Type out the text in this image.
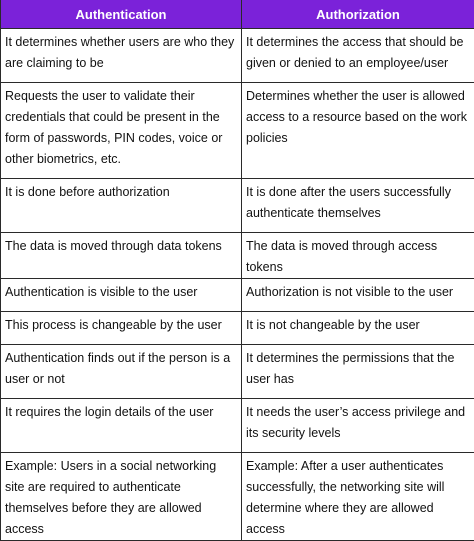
Authentication	Authorization
It determines whether users are who they are claiming to be	It determines the access that should be given or denied to an employee/user
Requests the user to validate their credentials that could be present in the form of passwords, PIN codes, voice or other biometrics, etc.	Determines whether the user is allowed access to a resource based on the work policies
It is done before authorization	It is done after the users successfully authenticate themselves
The data is moved through data tokens	The data is moved through access tokens
Authentication is visible to the user	Authorization is not visible to the user
This process is changeable by the user	It is not changeable by the user
Authentication finds out if the person is a user or not	It determines the permissions that the user has
It requires the login details of the user	It needs the user’s access privilege and its security levels
Example: Users in a social networking site are required to authenticate themselves before they are allowed access	Example: After a user authenticates successfully, the networking site will determine where they are allowed access
